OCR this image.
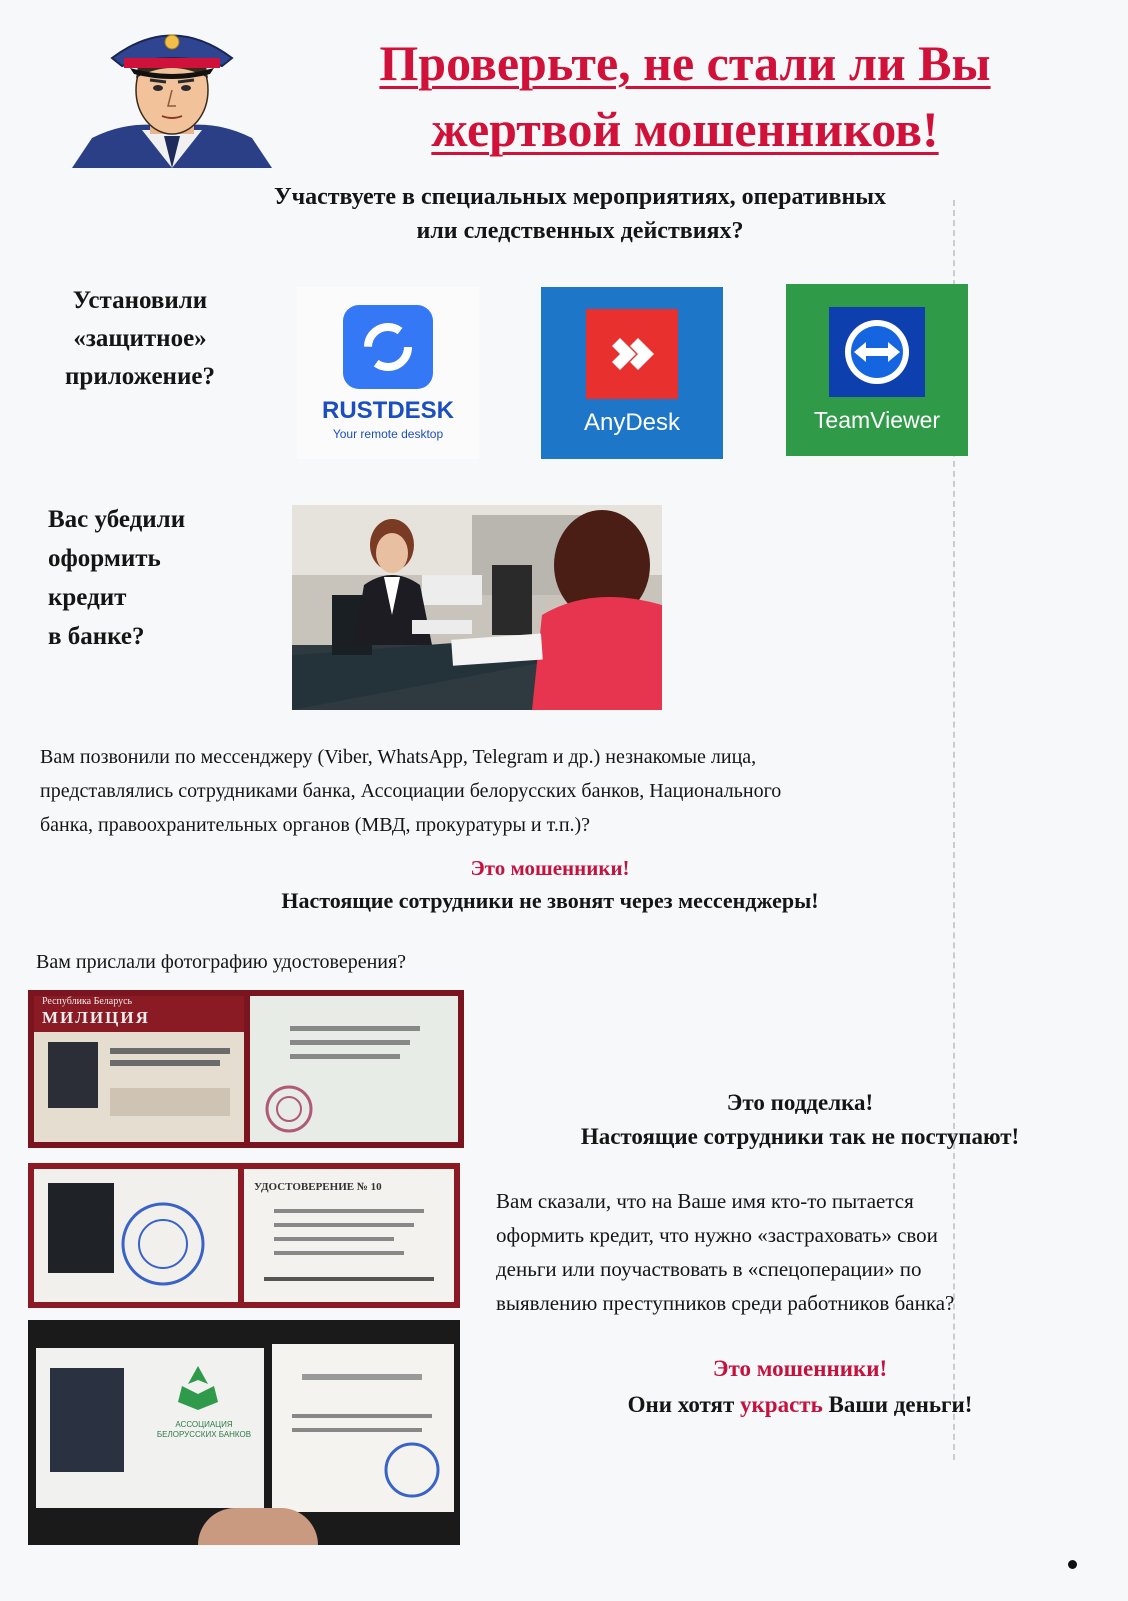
Проверьте, не стали ли Вы
жертвой мошенников!
Участвуете в специальных мероприятиях, оперативных
или следственных действиях?
Установили
«защитное»
приложение?
RUSTDESK
Your remote desktop	AnyDesk	TeamViewer
Вас убедили
оформить
кредит
в банке?
Вам позвонили по мессенджеру (Viber, WhatsApp, Telegram и др.) незнакомые лица,
представлялись сотрудниками банка, Ассоциации белорусских банков, Национального
банка, правоохранительных органов (МВД, прокуратуры и т.п.)?
Это мошенники!
Настоящие сотрудники не звонят через мессенджеры!
Вам прислали фотографию удостоверения?
Республика Беларусь
МИЛИЦИЯ
УДОСТОВЕРЕНИЕ № 10
АССОЦИАЦИЯ БЕЛОРУССКИХ БАНКОВ
Это подделка!
Настоящие сотрудники так не поступают!
Вам сказали, что на Ваше имя кто-то пытается
оформить кредит, что нужно «застраховать» свои
деньги или поучаствовать в «спецоперации» по
выявлению преступников среди работников банка?
Это мошенники!
Они хотят украсть Ваши деньги!
